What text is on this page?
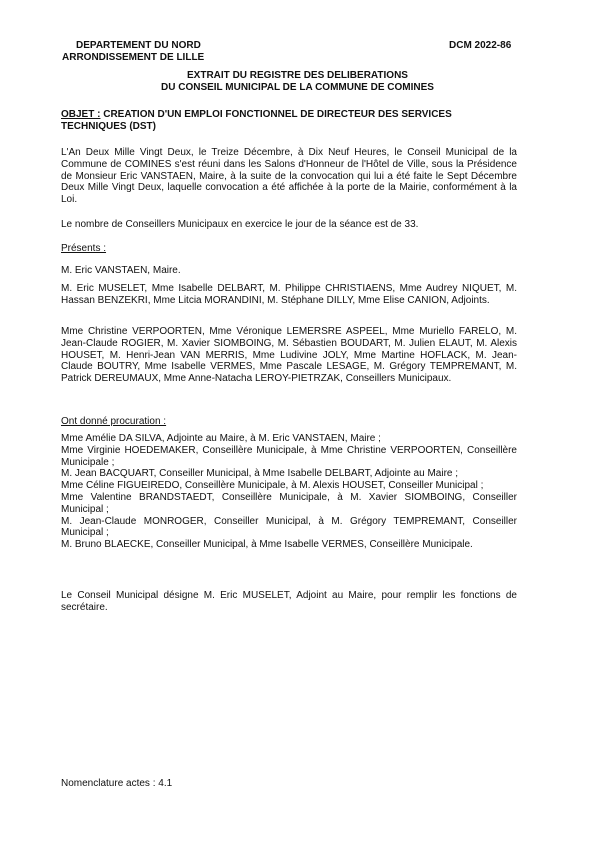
DEPARTEMENT DU NORD
ARRONDISSEMENT DE LILLE
DCM 2022-86
EXTRAIT DU REGISTRE DES DELIBERATIONS
DU CONSEIL MUNICIPAL DE LA COMMUNE DE COMINES
OBJET : CREATION D'UN EMPLOI FONCTIONNEL DE DIRECTEUR DES SERVICES TECHNIQUES (DST)

L'An Deux Mille Vingt Deux, le Treize Décembre, à Dix Neuf Heures, le Conseil Municipal de la Commune de COMINES s'est réuni dans les Salons d'Honneur de l'Hôtel de Ville, sous la Présidence de Monsieur Eric VANSTAEN, Maire, à la suite de la convocation qui lui a été faite le Sept Décembre Deux Mille Vingt Deux, laquelle convocation a été affichée à la porte de la Mairie, conformément à la Loi.

Le nombre de Conseillers Municipaux en exercice le jour de la séance est de 33.

Présents :

M. Eric VANSTAEN, Maire.

M. Eric MUSELET, Mme Isabelle DELBART, M. Philippe CHRISTIAENS, Mme Audrey NIQUET, M. Hassan BENZEKRI, Mme Litcia MORANDINI, M. Stéphane DILLY, Mme Elise CANION, Adjoints.

Mme Christine VERPOORTEN, Mme Véronique LEMERSRE ASPEEL, Mme Muriello FARELO, M. Jean-Claude ROGIER, M. Xavier SIOMBOING, M. Sébastien BOUDART, M. Julien ELAUT, M. Alexis HOUSET, M. Henri-Jean VAN MERRIS, Mme Ludivine JOLY, Mme Martine HOFLACK, M. Jean-Claude BOUTRY, Mme Isabelle VERMES, Mme Pascale LESAGE, M. Grégory TEMPREMANT, M. Patrick DEREUMAUX, Mme Anne-Natacha LEROY-PIETRZAK, Conseillers Municipaux.

Ont donné procuration :

Mme Amélie DA SILVA, Adjointe au Maire, à M. Eric VANSTAEN, Maire ;

Mme Virginie HOEDEMAKER, Conseillère Municipale, à Mme Christine VERPOORTEN, Conseillère Municipale ;

M. Jean BACQUART, Conseiller Municipal, à Mme Isabelle DELBART, Adjointe au Maire ;

Mme Céline FIGUEIREDO, Conseillère Municipale, à M. Alexis HOUSET, Conseiller Municipal ;

Mme Valentine BRANDSTAEDT, Conseillère Municipale, à M. Xavier SIOMBOING, Conseiller Municipal ;

M. Jean-Claude MONROGER, Conseiller Municipal, à M. Grégory TEMPREMANT, Conseiller Municipal ;

M. Bruno BLAECKE, Conseiller Municipal, à Mme Isabelle VERMES, Conseillère Municipale.

Le Conseil Municipal désigne M. Eric MUSELET, Adjoint au Maire, pour remplir les fonctions de secrétaire.

Nomenclature actes : 4.1
